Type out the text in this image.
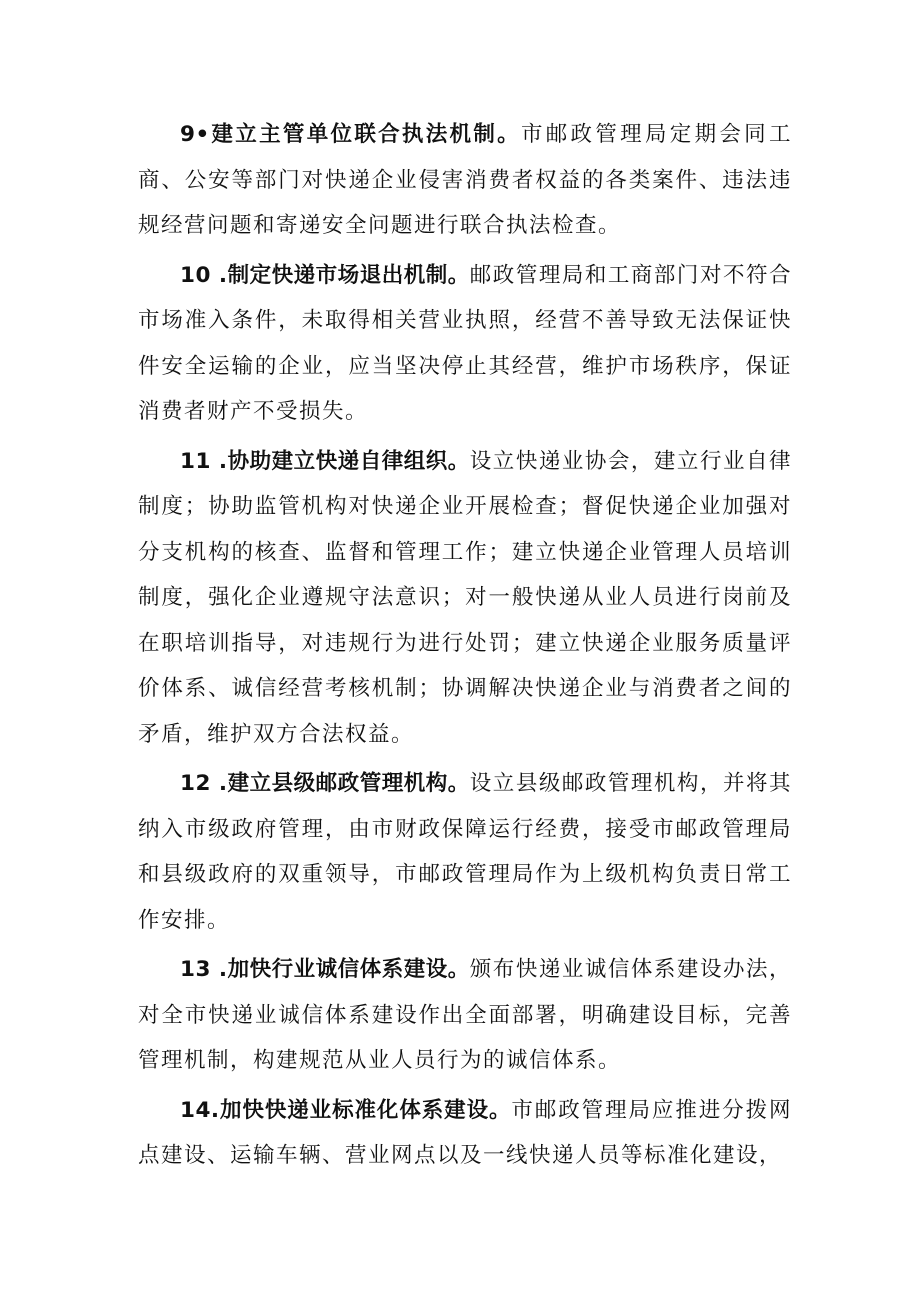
9•建立主管单位联合执法机制。市邮政管理局定期会同工商、公安等部门对快递企业侵害消费者权益的各类案件、违法违规经营问题和寄递安全问题进行联合执法检查。

10 .制定快递市场退出机制。邮政管理局和工商部门对不符合市场准入条件，未取得相关营业执照，经营不善导致无法保证快件安全运输的企业，应当坚决停止其经营，维护市场秩序，保证消费者财产不受损失。

11 .协助建立快递自律组织。设立快递业协会，建立行业自律制度；协助监管机构对快递企业开展检查；督促快递企业加强对分支机构的核查、监督和管理工作；建立快递企业管理人员培训制度，强化企业遵规守法意识；对一般快递从业人员进行岗前及在职培训指导，对违规行为进行处罚；建立快递企业服务质量评价体系、诚信经营考核机制；协调解决快递企业与消费者之间的矛盾，维护双方合法权益。

12 .建立县级邮政管理机构。设立县级邮政管理机构，并将其纳入市级政府管理，由市财政保障运行经费，接受市邮政管理局和县级政府的双重领导，市邮政管理局作为上级机构负责日常工作安排。

13 .加快行业诚信体系建设。颁布快递业诚信体系建设办法，对全市快递业诚信体系建设作出全面部署，明确建设目标，完善管理机制，构建规范从业人员行为的诚信体系。

14.加快快递业标准化体系建设。市邮政管理局应推进分拨网点建设、运输车辆、营业网点以及一线快递人员等标准化建设，
